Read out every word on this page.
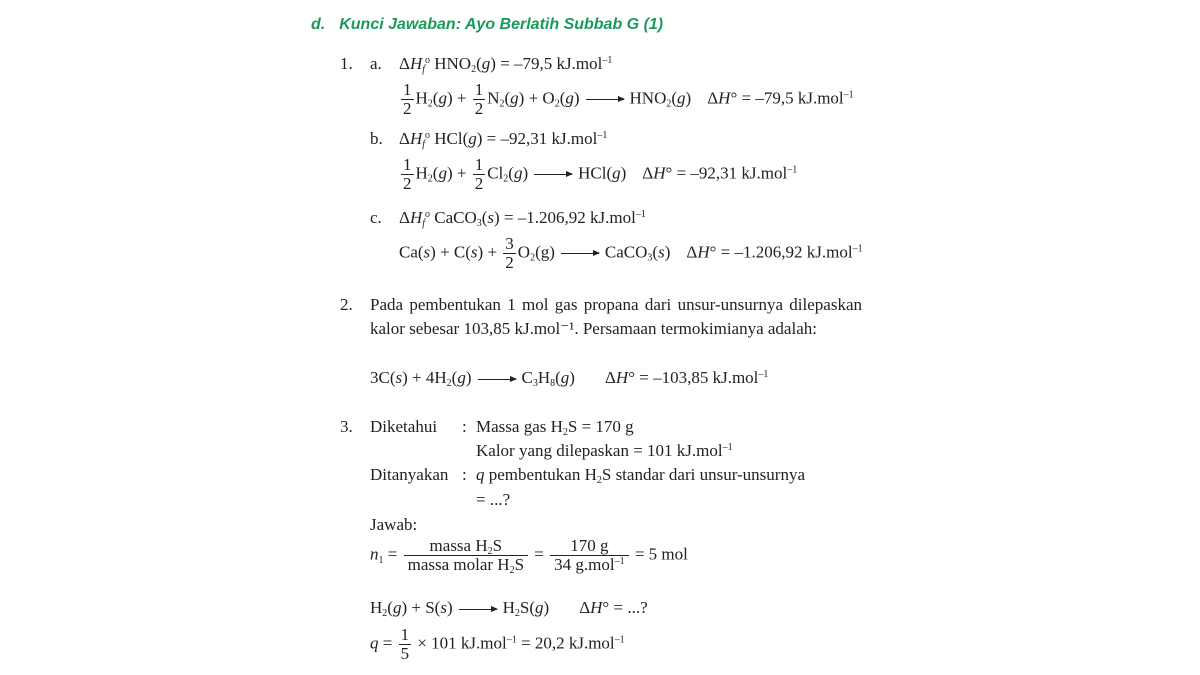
d. Kunci Jawaban: Ayo Berlatih Subbab G (1)
1. a. $\Delta H_f^o$ $HNO_2(g) = -79,5$ kJ.mol$^{-1}$
$\frac{1}{2} H_2(g) + \frac{1}{2} N_2(g) + O_2(g) \to HNO_2(g) \Delta H^\circ = -79,5$ kJ.mol$^{-1}$
b. $\Delta H_f^o$ HCl(g) = –92,31 kJ.mol$^{-1}$
$\frac{1}{2} H_2(g) + \frac{1}{2} Cl_2(g) \to HCl(g) \Delta H^\circ = -92,31$ kJ.mol$^{-1}$
c. $\Delta H_f^o$ CaCO$_3$(s) = –1.206,92 kJ.mol$^{-1}$
$Ca(s) + C(s) + \frac{3}{2} O_2(g)$ → CaCO$_3$(s) ΔH° = –1.206,92 kJ.mol$^{-1}$
2. Pada pembentukan 1 mol gas propana dari unsur-unsurnya dilepaskan kalor sebesar 103,85 kJ.mol⁻¹. Persamaan termokimianya adalah:
$3C(s) + 4H_2(g) \to C_3H_8(g) \Delta H^\circ = -103,85$ kJ.mol$^{-1}$
3. Diketahui : Massa gas $H_2S = 170$ g
Kalor yang dilepaskan = 101 kJ.mol$^{-1}$
Ditanyakan : q pembentukan $H_2S$ standar dari unsur-unsurnya
= ...?
Jawab:
$n_1 = \frac{massa H_2S}{massa molar H_2S} = \frac{170 g}{34 g.mol^{-1}} = 5$ mol
$H_2(g) + S(s) \to H_2S(g) \Delta H^\circ$ = ...?
$q = \frac{1}{5} \times 101$ kJ.mol$^{-1}$ = 20,2 kJ.mol$^{-1}$
